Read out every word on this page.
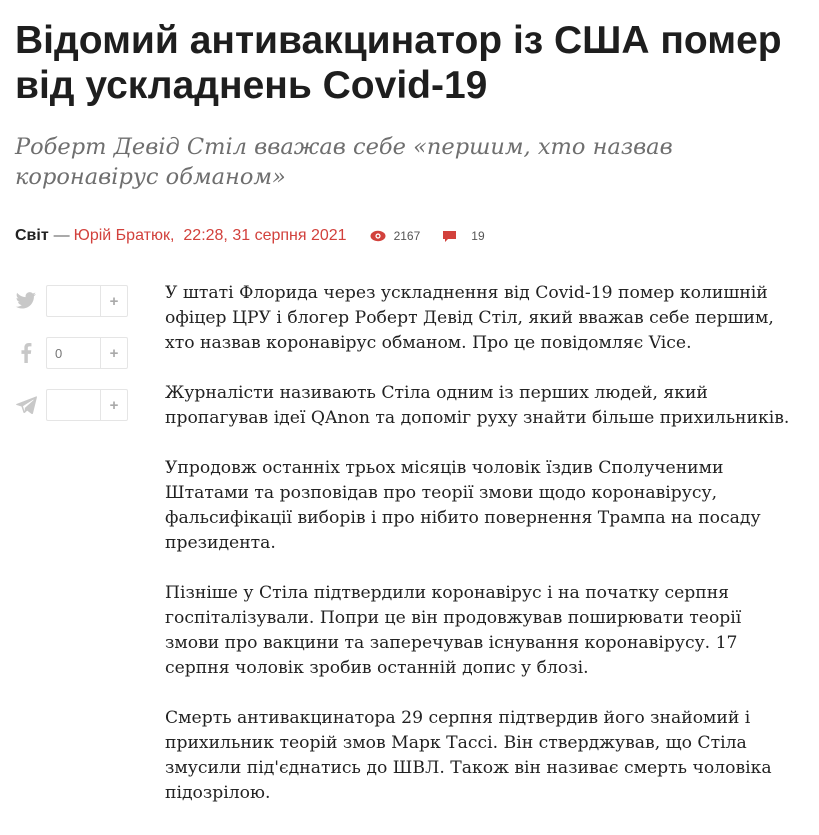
Відомий антивакцинатор із США помер від ускладнень Covid-19

Роберт Девід Стіл вважав себе «першим, хто назвав коронавірус обманом»

Світ — Юрій Братюк, 22:28, 31 серпня 2021	2167	19
+
0	+
+

У штаті Флорида через ускладнення від Covid-19 помер колишній офіцер ЦРУ і блогер Роберт Девід Стіл, який вважав себе першим, хто назвав коронавірус обманом. Про це повідомляє Vice.

Журналісти називають Стіла одним із перших людей, який пропагував ідеї QAnon та допоміг руху знайти більше прихильників.

Упродовж останніх трьох місяців чоловік їздив Сполученими Штатами та розповідав про теорії змови щодо коронавірусу, фальсифікації виборів і про нібито повернення Трампа на посаду президента.

Пізніше у Стіла підтвердили коронавірус і на початку серпня госпіталізували. Попри це він продовжував поширювати теорії змови про вакцини та заперечував існування коронавірусу. 17 серпня чоловік зробив останній допис у блозі.

Смерть антивакцинатора 29 серпня підтвердив його знайомий і прихильник теорій змов Марк Тассі. Він стверджував, що Стіла змусили під'єднатись до ШВЛ. Також він називає смерть чоловіка підозрілою.
